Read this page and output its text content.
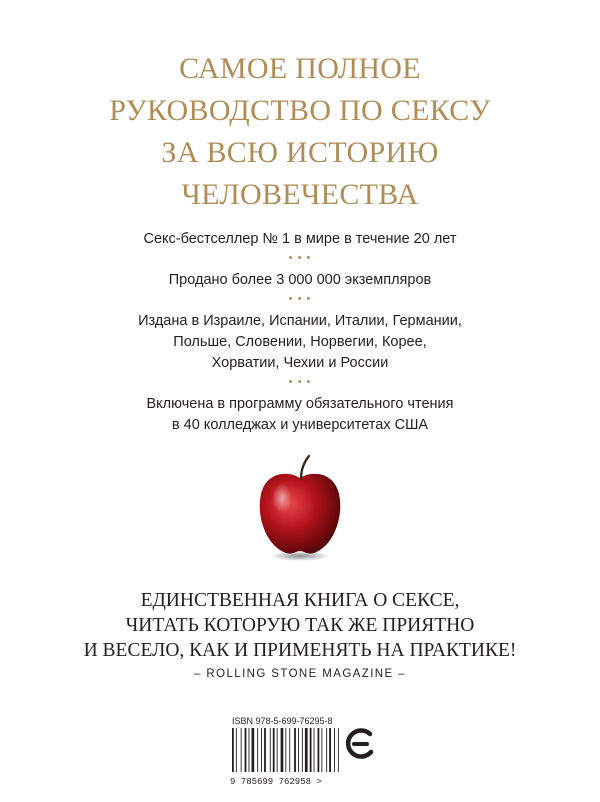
САМОЕ ПОЛНОЕ
РУКОВОДСТВО ПО СЕКСУ
ЗА ВСЮ ИСТОРИЮ
ЧЕЛОВЕЧЕСТВА
Секс-бестселлер № 1 в мире в течение 20 лет
• • •
Продано более 3 000 000 экземпляров
• • •
Издана в Израиле, Испании, Италии, Германии,
Польше, Словении, Норвегии, Корее,
Хорватии, Чехии и России
• • •
Включена в программу обязательного чтения
в 40 колледжах и университетах США
ЕДИНСТВЕННАЯ КНИГА О СЕКСЕ,
ЧИТАТЬ КОТОРУЮ ТАК ЖЕ ПРИЯТНО
И ВЕСЕЛО, КАК И ПРИМЕНЯТЬ НА ПРАКТИКЕ!
– ROLLING STONE MAGAZINE –
ISBN 978-5-699-76295-8
9 785699 762958 >
